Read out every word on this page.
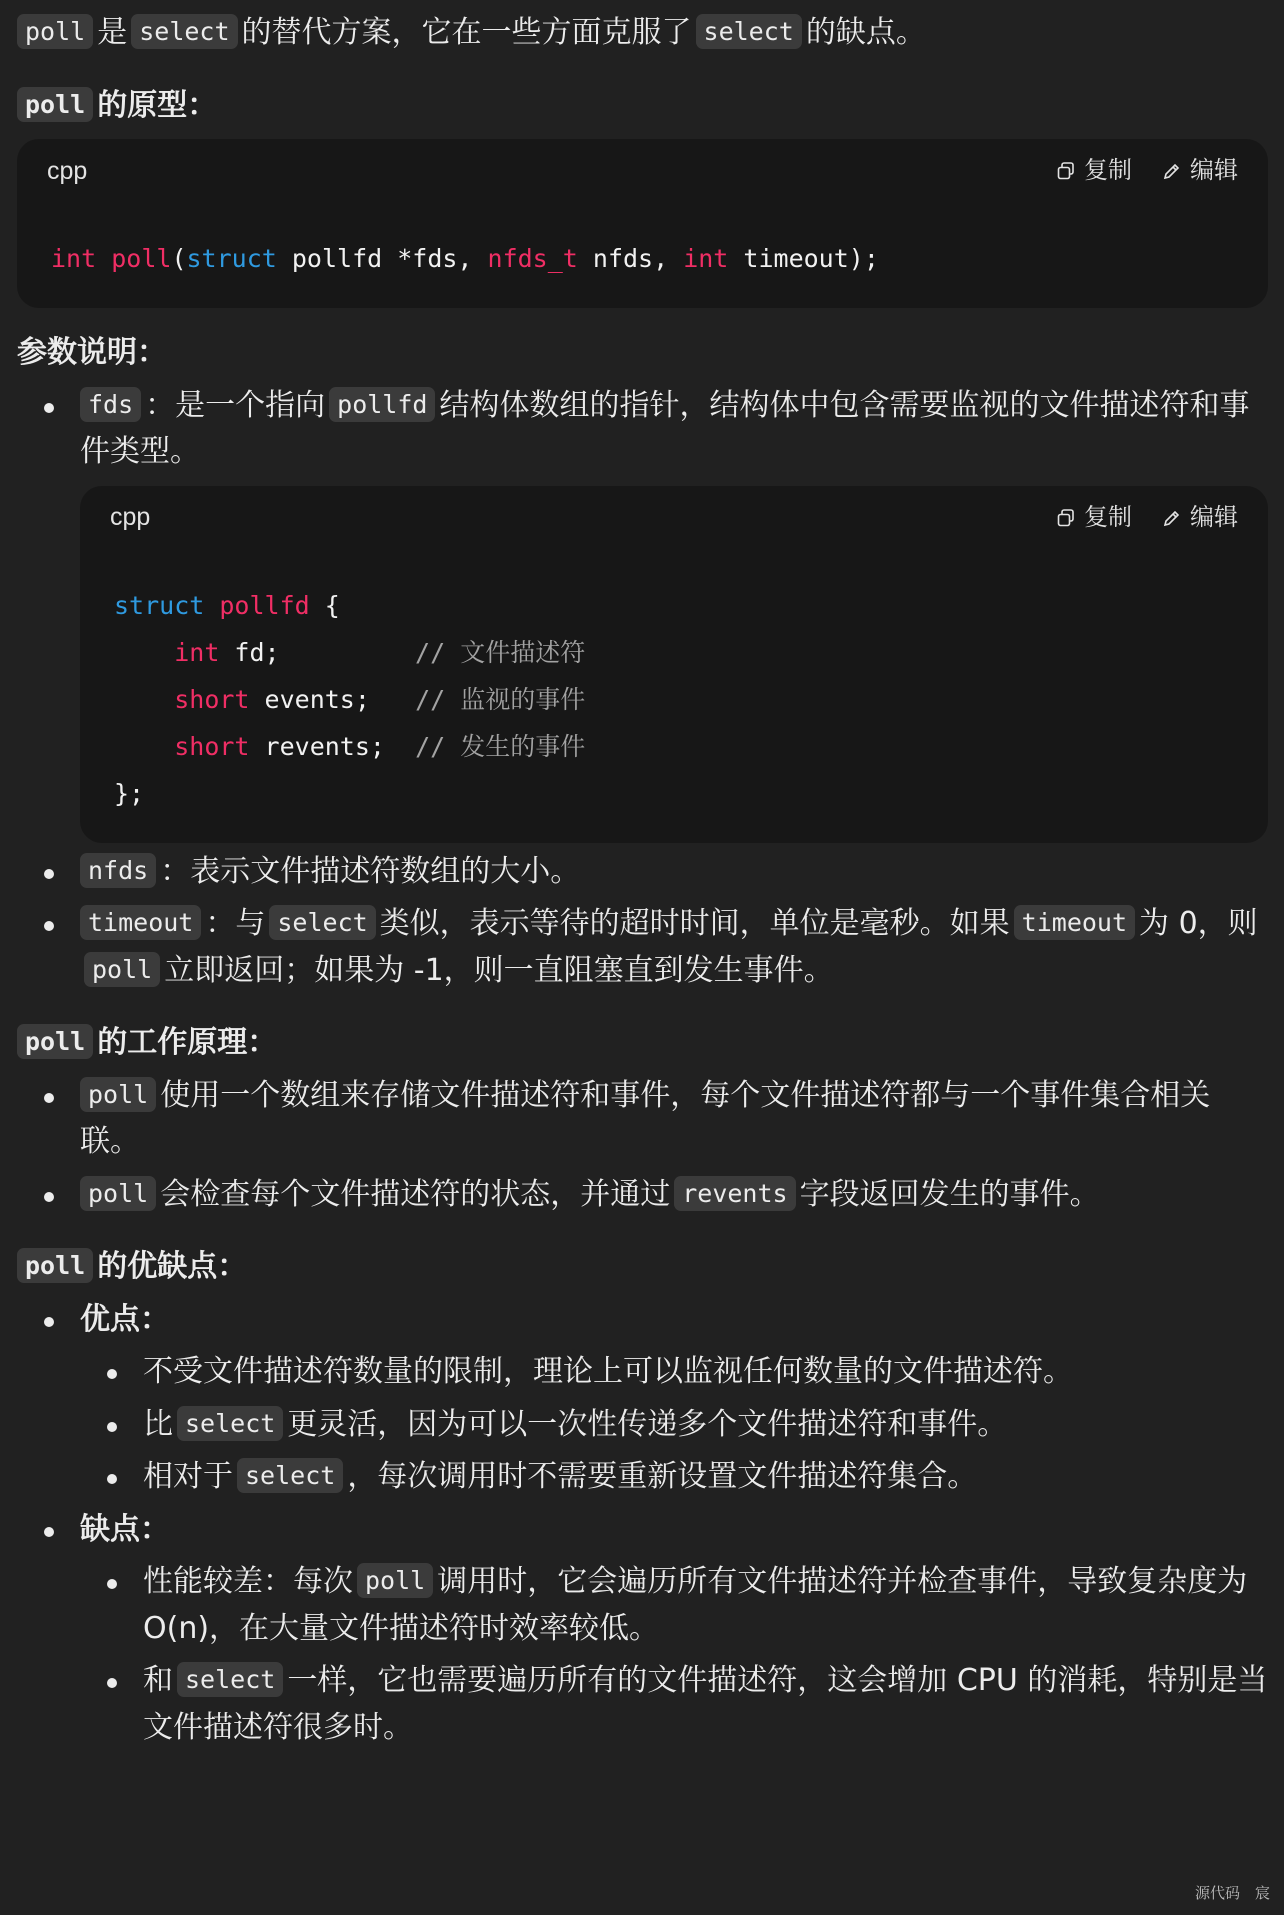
poll 是 select 的替代方案，它在一些方面克服了 select 的缺点。

poll 的原型：

cpp	复制 编辑
int poll(struct pollfd *fds, nfds_t nfds, int timeout);

参数说明：

fds ：是一个指向 pollfd 结构体数组的指针，结构体中包含需要监视的文件描述符和事件类型。
cpp	复制 编辑
struct pollfd {
int fd;         // 文件描述符
short events;   // 监视的事件
short revents;  // 发生的事件
};
nfds ：表示文件描述符数组的大小。
timeout ：与 select 类似，表示等待的超时时间，单位是毫秒。如果 timeout 为 0，则poll 立即返回；如果为 -1，则一直阻塞直到发生事件。

poll 的工作原理：

poll 使用一个数组来存储文件描述符和事件，每个文件描述符都与一个事件集合相关联。
poll 会检查每个文件描述符的状态，并通过 revents 字段返回发生的事件。

poll 的优缺点：

优点：
不受文件描述符数量的限制，理论上可以监视任何数量的文件描述符。
比 select 更灵活，因为可以一次性传递多个文件描述符和事件。
相对于 select ，每次调用时不需要重新设置文件描述符集合。
缺点：
性能较差：每次 poll 调用时，它会遍历所有文件描述符并检查事件，导致复杂度为 O(n)，在大量文件描述符时效率较低。
和 select 一样，它也需要遍历所有的文件描述符，这会增加 CPU 的消耗，特别是当文件描述符很多时。
源代码　宸
